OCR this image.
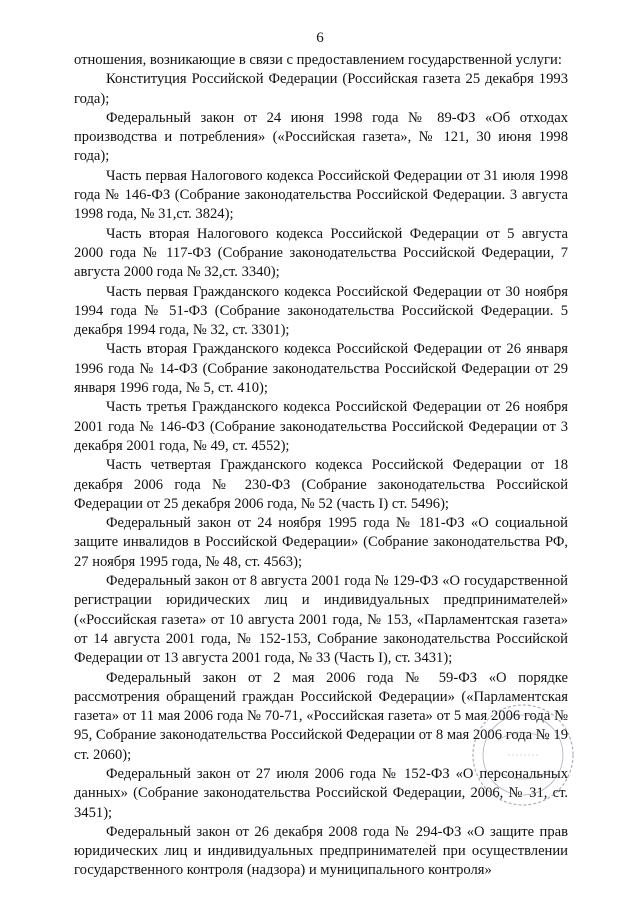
6

отношения, возникающие в связи с предоставлением государственной услуги:

Конституция Российской Федерации (Российская газета 25 декабря 1993 года);

Федеральный закон от 24 июня 1998 года № 89-ФЗ «Об отходах производства и потребления» («Российская газета», № 121, 30 июня 1998 года);

Часть первая Налогового кодекса Российской Федерации от 31 июля 1998 года № 146-ФЗ (Собрание законодательства Российской Федерации. 3 августа 1998 года, № 31,ст. 3824);

Часть вторая Налогового кодекса Российской Федерации от 5 августа 2000 года № 117-ФЗ (Собрание законодательства Российской Федерации, 7 августа 2000 года № 32,ст. 3340);

Часть первая Гражданского кодекса Российской Федерации от 30 ноября 1994 года № 51-ФЗ (Собрание законодательства Российской Федерации. 5 декабря 1994 года, № 32, ст. 3301);

Часть вторая Гражданского кодекса Российской Федерации от 26 января 1996 года № 14-ФЗ (Собрание законодательства Российской Федерации от 29 января 1996 года, № 5, ст. 410);

Часть третья Гражданского кодекса Российской Федерации от 26 ноября 2001 года № 146-ФЗ (Собрание законодательства Российской Федерации от 3 декабря 2001 года, № 49, ст. 4552);

Часть четвертая Гражданского кодекса Российской Федерации от 18 декабря 2006 года № 230-ФЗ (Собрание законодательства Российской Федерации от 25 декабря 2006 года, № 52 (часть I) ст. 5496);

Федеральный закон от 24 ноября 1995 года № 181-ФЗ «О социальной защите инвалидов в Российской Федерации» (Собрание законодательства РФ, 27 ноября 1995 года, № 48, ст. 4563);

Федеральный закон от 8 августа 2001 года № 129-ФЗ «О государственной регистрации юридических лиц и индивидуальных предпринимателей» («Российская газета» от 10 августа 2001 года, № 153, «Парламентская газета» от 14 августа 2001 года, № 152-153, Собрание законодательства Российской Федерации от 13 августа 2001 года, № 33 (Часть I), ст. 3431);

Федеральный закон от 2 мая 2006 года № 59-ФЗ «О порядке рассмотрения обращений граждан Российской Федерации» («Парламентская газета» от 11 мая 2006 года № 70-71, «Российская газета» от 5 мая 2006 года № 95, Собрание законодательства Российской Федерации от 8 мая 2006 года № 19 ст. 2060);

Федеральный закон от 27 июля 2006 года № 152-ФЗ «О персональных данных» (Собрание законодательства Российской Федерации, 2006, № 31, ст. 3451);

Федеральный закон от 26 декабря 2008 года № 294-ФЗ «О защите прав юридических лиц и индивидуальных предпринимателей при осуществлении государственного контроля (надзора) и муниципального контроля»
